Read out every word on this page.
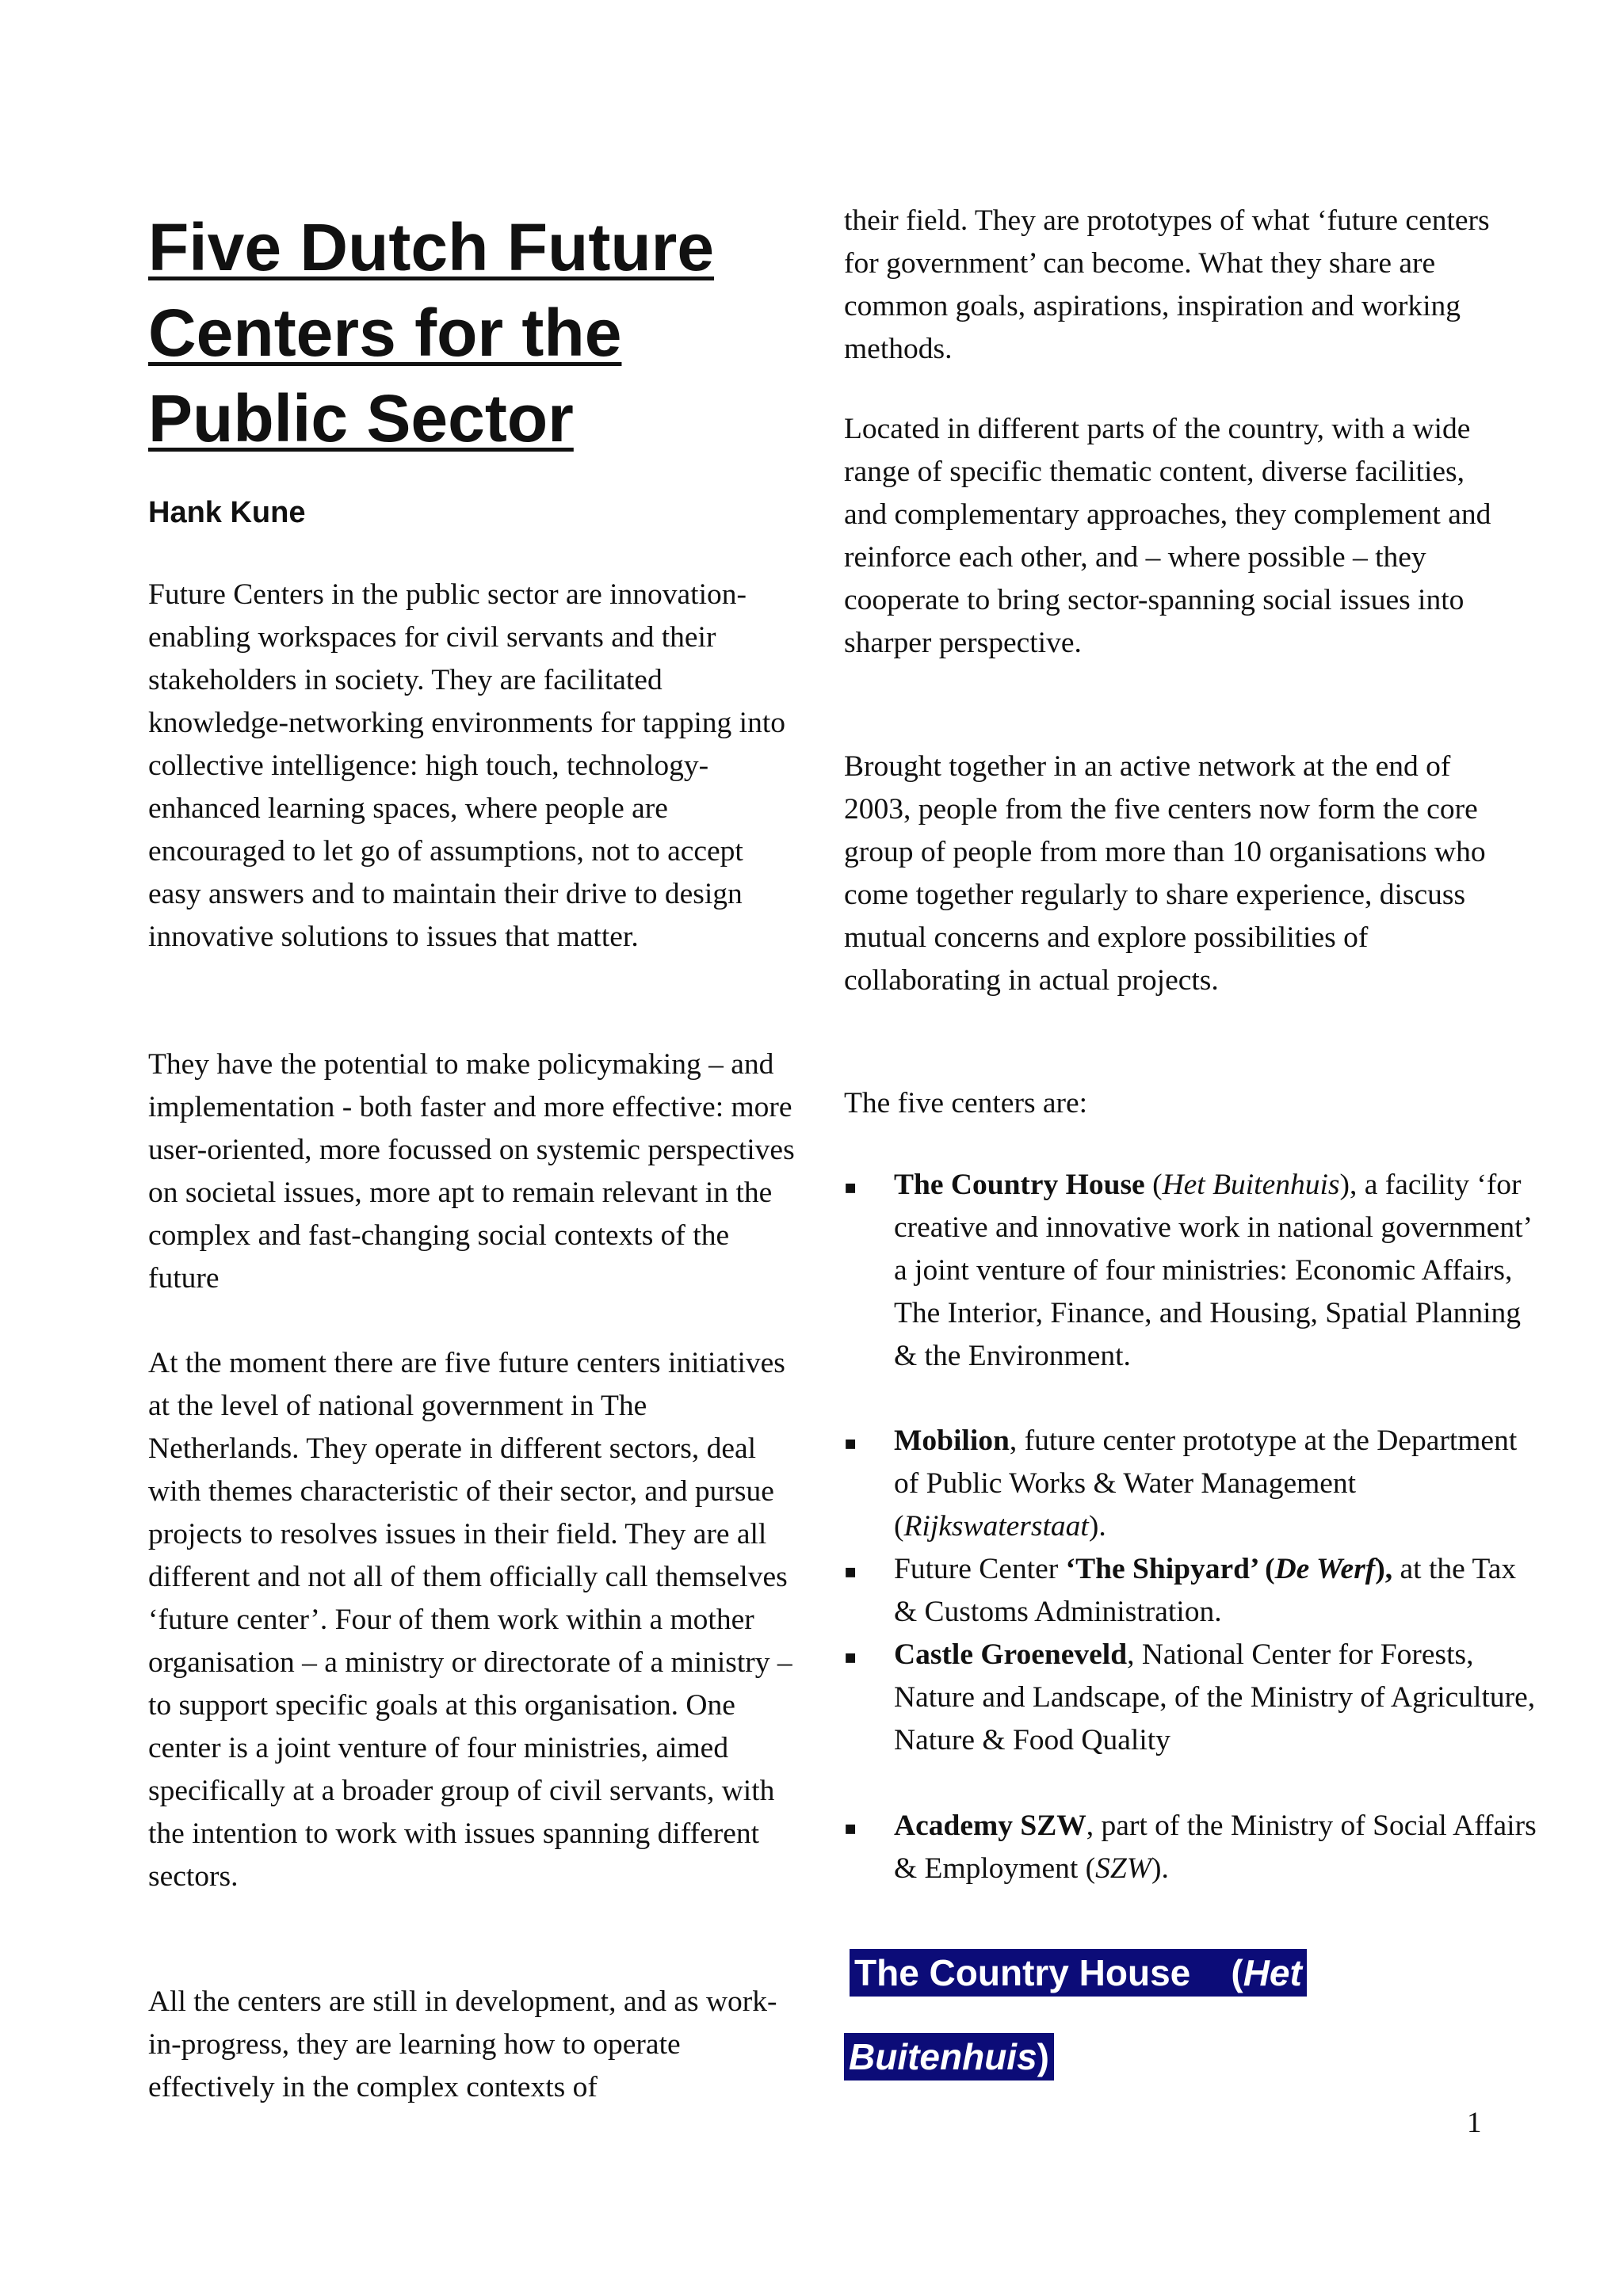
Five Dutch Future
Centers for the
Public Sector
Hank Kune

Future Centers in the public sector are innovation-enabling workspaces for civil servants and their stakeholders in society. They are facilitated knowledge-networking environments for tapping into collective intelligence: high touch, technology-enhanced learning spaces, where people are encouraged to let go of assumptions, not to accept easy answers and to maintain their drive to design innovative solutions to issues that matter.

They have the potential to make policymaking – and implementation - both faster and more effective: more user-oriented, more focussed on systemic perspectives on societal issues, more apt to remain relevant in the complex and fast-changing social contexts of the future

At the moment there are five future centers initiatives at the level of national government in The Netherlands. They operate in different sectors, deal with themes characteristic of their sector, and pursue projects to resolves issues in their field. They are all different and not all of them officially call themselves ‘future center’. Four of them work within a mother organisation – a ministry or directorate of a ministry – to support specific goals at this organisation. One center is a joint venture of four ministries, aimed specifically at a broader group of civil servants, with the intention to work with issues spanning different sectors.

All the centers are still in development, and as work-in-progress, they are learning how to operate effectively in the complex contexts of

their field. They are prototypes of what ‘future centers for government’ can become. What they share are common goals, aspirations, inspiration and working methods.

Located in different parts of the country, with a wide range of specific thematic content, diverse facilities, and complementary approaches, they complement and reinforce each other, and – where possible – they cooperate to bring sector-spanning social issues into sharper perspective.

Brought together in an active network at the end of 2003, people from the five centers now form the core group of people from more than 10 organisations who come together regularly to share experience, discuss mutual concerns and explore possibilities of collaborating in actual projects.

The five centers are:

▪ The Country House (Het Buitenhuis), a facility ‘for creative and innovative work in national government’ a joint venture of four ministries: Economic Affairs, The Interior, Finance, and Housing, Spatial Planning & the Environment.
▪ Mobilion, future center prototype at the Department of Public Works & Water Management (Rijkswaterstaat).
▪ Future Center ‘The Shipyard’ (De Werf), at the Tax & Customs Administration.
▪ Castle Groeneveld, National Center for Forests, Nature and Landscape, of the Ministry of Agriculture, Nature & Food Quality
▪ Academy SZW, part of the Ministry of Social Affairs & Employment (SZW).
The Country House    (Het
Buitenhuis)
1
